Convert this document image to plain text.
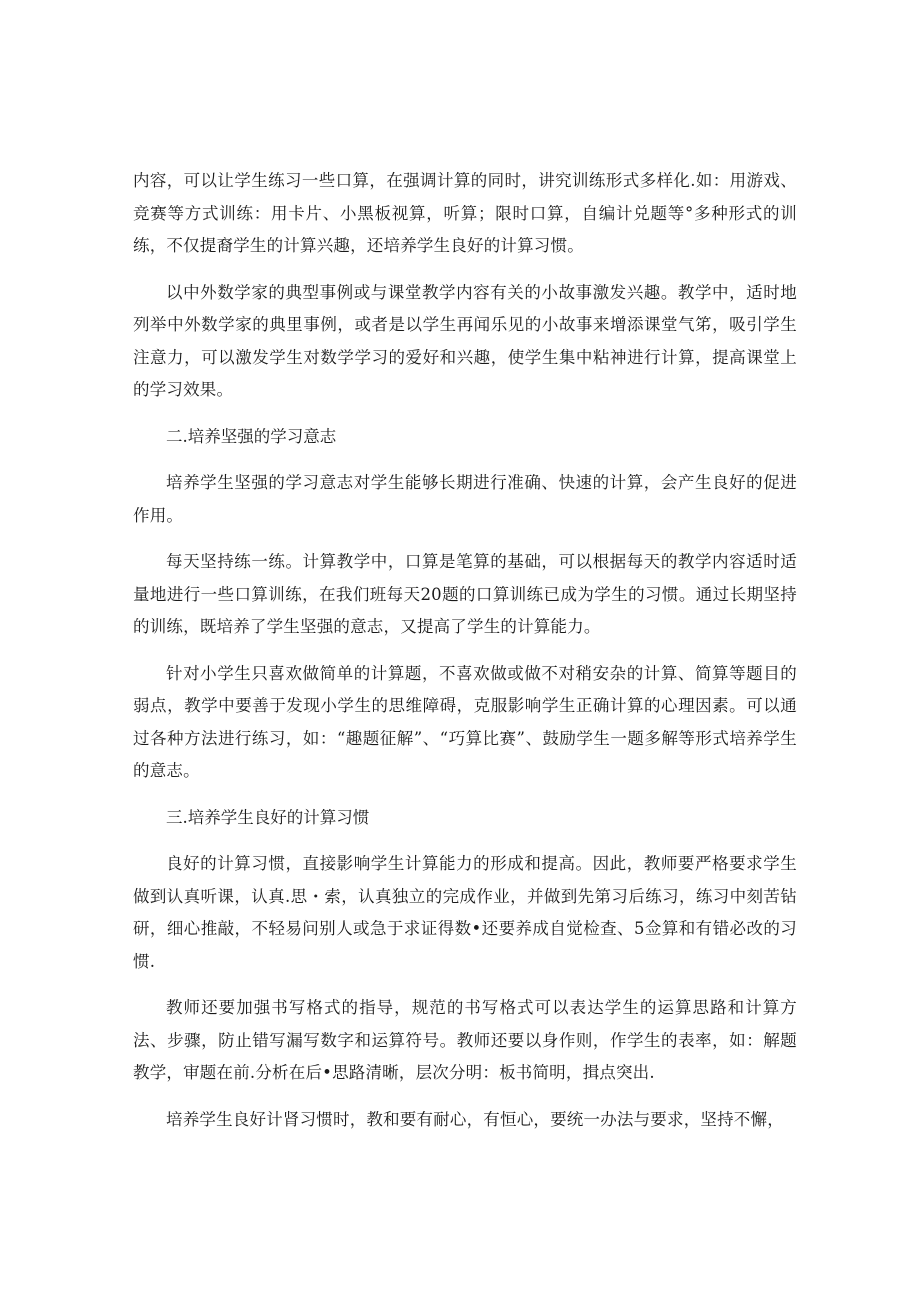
内容，可以让学生练习一些口算，在强调计算的同时，讲究训练形式多样化.如：用游戏、竞赛等方式训练：用卡片、小黑板视算，听算；限时口算，自编计兑题等°多种形式的训练，不仅提裔学生的计算兴趣，还培养学生良好的计算习惯。

以中外数学家的典型事例或与课堂教学内容有关的小故事激发兴趣。教学中，适时地列举中外数学家的典里事例，或者是以学生再闻乐见的小故事来增添课堂气笫，吸引学生注意力，可以激发学生对数学学习的爱好和兴趣，使学生集中粘神进行计算，提高课堂上的学习效果。

二.培养坚强的学习意志

培养学生坚强的学习意志对学生能够长期进行准确、快速的计算，会产生良好的促进作用。

每天坚持练一练。计算教学中，口算是笔算的基础，可以根据每天的教学内容适时适量地进行一些口算训练，在我们班每天20题的口算训练已成为学生的习惯。通过长期坚持的训练，既培养了学生坚强的意志，又提高了学生的计算能力。

针对小学生只喜欢做简单的计算题，不喜欢做或做不对稍安杂的计算、简算等题目的弱点，教学中要善于发现小学生的思维障碍，克服影响学生正确计算的心理因素。可以通过各种方法进行练习，如：“趣题征解”、“巧算比赛”、鼓励学生一题多解等形式培养学生的意志。

三.培养学生良好的计算习惯

良好的计算习惯，直接影响学生计算能力的形成和提高。因此，教师要严格要求学生做到认真听课，认真.思・索，认真独立的完成作业，并做到先第习后练习，练习中刻苦钻研，细心推敲，不轻易问别人或急于求证得数•还要养成自觉检查、5佥算和有错必改的习惯.

教师还要加强书写格式的指导，规范的书写格式可以表达学生的运算思路和计算方法、步骤，防止错写漏写数字和运算符号。教师还要以身作则，作学生的表率，如：解题教学，审题在前.分析在后•思路清晰，层次分明：板书简明，揖点突出.

培养学生良好计肾习惯时，教和要有耐心，有恒心，要统一办法与要求，坚持不懈，
